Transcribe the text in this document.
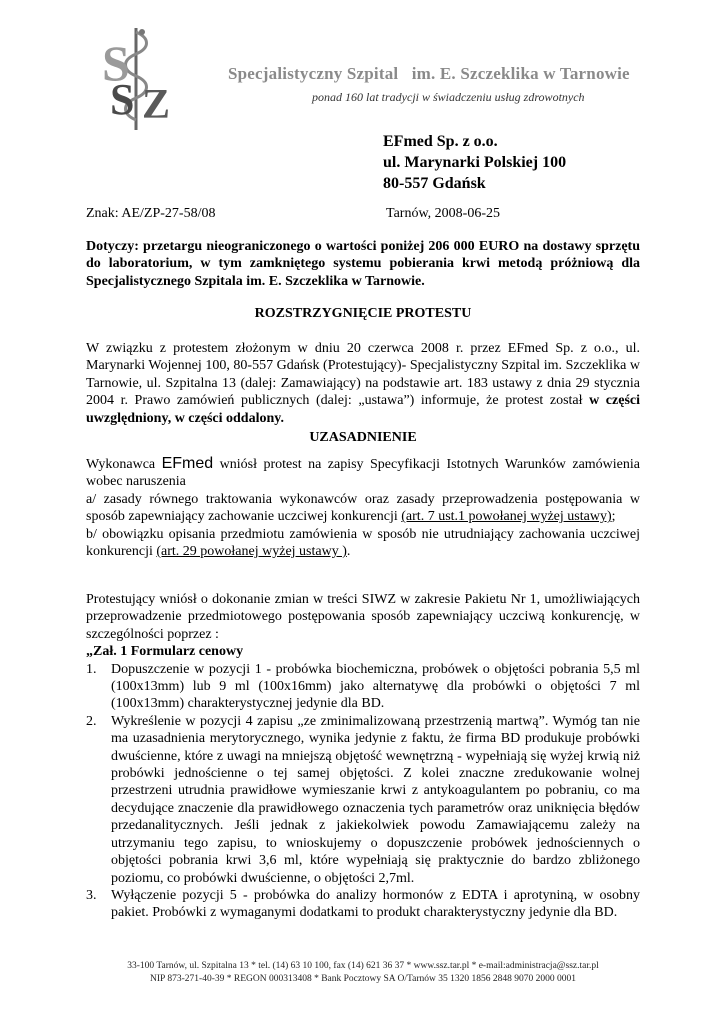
S
S Z
Specjalistyczny Szpital   im. E. Szczeklika w Tarnowie
ponad 160 lat tradycji w świadczeniu usług zdrowotnych
EFmed Sp. z o.o.
ul. Marynarki Polskiej 100
80-557 Gdańsk
Znak: AE/ZP-27-58/08	Tarnów, 2008-06-25
Dotyczy: przetargu nieograniczonego o wartości poniżej 206 000 EURO na dostawy sprzętu do laboratorium, w tym zamkniętego systemu pobierania krwi metodą próżniową dla Specjalistycznego Szpitala im. E. Szczeklika w Tarnowie.
ROZSTRZYGNIĘCIE PROTESTU
W związku z protestem złożonym w dniu 20 czerwca 2008 r. przez EFmed Sp. z o.o., ul. Marynarki Wojennej 100, 80-557 Gdańsk (Protestujący)- Specjalistyczny Szpital im. Szczeklika w Tarnowie, ul. Szpitalna 13 (dalej: Zamawiający) na podstawie art. 183 ustawy z dnia 29 stycznia 2004 r. Prawo zamówień publicznych (dalej: „ustawa”) informuje, że protest został w części uwzględniony, w części oddalony.
UZASADNIENIE
Wykonawca EFmed wniósł protest na zapisy Specyfikacji Istotnych Warunków zamówienia wobec naruszenia
a/ zasady równego traktowania wykonawców oraz zasady przeprowadzenia postępowania w sposób zapewniający zachowanie uczciwej konkurencji (art. 7 ust.1 powołanej wyżej ustawy);
b/ obowiązku opisania przedmiotu zamówienia w sposób nie utrudniający zachowania uczciwej konkurencji (art. 29 powołanej wyżej ustawy ).
Protestujący wniósł o dokonanie zmian w treści SIWZ w zakresie Pakietu Nr 1, umożliwiających przeprowadzenie przedmiotowego postępowania sposób zapewniający uczciwą konkurencję, w szczególności poprzez :
„Zał. 1 Formularz cenowy
1. Dopuszczenie w pozycji 1 - probówka biochemiczna, probówek o objętości pobrania 5,5 ml (100x13mm) lub 9 ml (100x16mm) jako alternatywę dla probówki o objętości 7 ml (100x13mm) charakterystycznej jedynie dla BD.
2. Wykreślenie w pozycji 4 zapisu „ze zminimalizowaną przestrzenią martwą”. Wymóg tan nie ma uzasadnienia merytorycznego, wynika jedynie z faktu, że firma BD produkuje probówki dwuścienne, które z uwagi na mniejszą objętość wewnętrzną - wypełniają się wyżej krwią niż probówki jednościenne o tej samej objętości. Z kolei znaczne zredukowanie wolnej przestrzeni utrudnia prawidłowe wymieszanie krwi z antykoagulantem po pobraniu, co ma decydujące znaczenie dla prawidłowego oznaczenia tych parametrów oraz uniknięcia błędów przedanalitycznych. Jeśli jednak z jakiekolwiek powodu Zamawiającemu zależy na utrzymaniu tego zapisu, to wnioskujemy o dopuszczenie probówek jednościennych o objętości pobrania krwi 3,6 ml, które wypełniają się praktycznie do bardzo zbliżonego poziomu, co probówki dwuścienne, o objętości 2,7ml.
3. Wyłączenie pozycji 5 - probówka do analizy hormonów z EDTA i aprotyniną, w osobny pakiet. Probówki z wymaganymi dodatkami to produkt charakterystyczny jedynie dla BD.
33-100 Tarnów, ul. Szpitalna 13 * tel. (14) 63 10 100, fax (14) 621 36 37 * www.ssz.tar.pl * e-mail:administracja@ssz.tar.pl
NIP 873-271-40-39 * REGON 000313408 * Bank Pocztowy SA O/Tarnów 35 1320 1856 2848 9070 2000 0001
